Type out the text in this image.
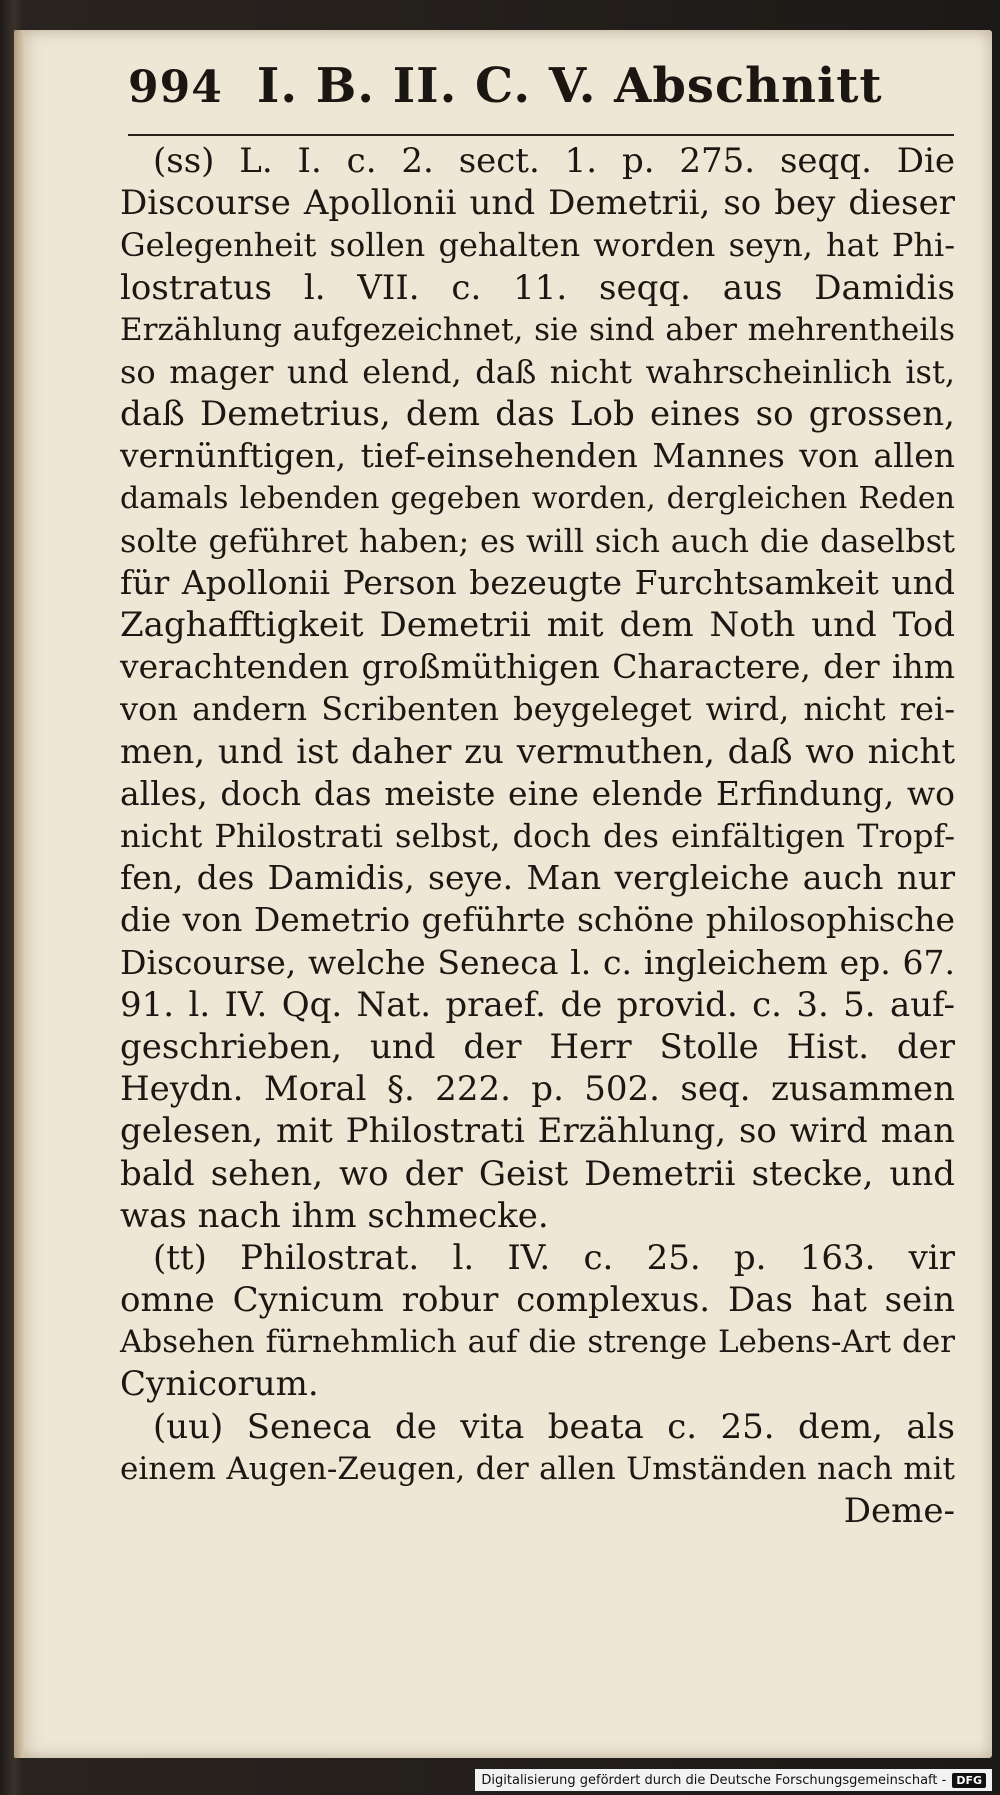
994 I. B. II. C. V. Abschnitt
(ss) L. I. c. 2. sect. 1. p. 275. seqq. Die
Discourse Apollonii und Demetrii, so bey dieser
Gelegenheit sollen gehalten worden seyn, hat Phi-
lostratus l. VII. c. 11. seqq. aus Damidis
Erzählung aufgezeichnet, sie sind aber mehrentheils
so mager und elend, daß nicht wahrscheinlich ist,
daß Demetrius, dem das Lob eines so grossen,
vernünftigen, tief-einsehenden Mannes von allen
damals lebenden gegeben worden, dergleichen Reden
solte geführet haben; es will sich auch die daselbst
für Apollonii Person bezeugte Furchtsamkeit und
Zaghafftigkeit Demetrii mit dem Noth und Tod
verachtenden großmüthigen Charactere, der ihm
von andern Scribenten beygeleget wird, nicht rei-
men, und ist daher zu vermuthen, daß wo nicht
alles, doch das meiste eine elende Erfindung, wo
nicht Philostrati selbst, doch des einfältigen Tropf-
fen, des Damidis, seye. Man vergleiche auch nur
die von Demetrio geführte schöne philosophische
Discourse, welche Seneca l. c. ingleichem ep. 67.
91. l. IV. Qq. Nat. praef. de provid. c. 3. 5. auf-
geschrieben, und der Herr Stolle Hist. der
Heydn. Moral §. 222. p. 502. seq. zusammen
gelesen, mit Philostrati Erzählung, so wird man
bald sehen, wo der Geist Demetrii stecke, und
was nach ihm schmecke.
(tt) Philostrat. l. IV. c. 25. p. 163. vir
omne Cynicum robur complexus. Das hat sein
Absehen fürnehmlich auf die strenge Lebens-Art der
Cynicorum.
(uu) Seneca de vita beata c. 25. dem, als
einem Augen-Zeugen, der allen Umständen nach mit
Deme-
Digitalisierung gefördert durch die Deutsche Forschungsgemeinschaft - DFG
